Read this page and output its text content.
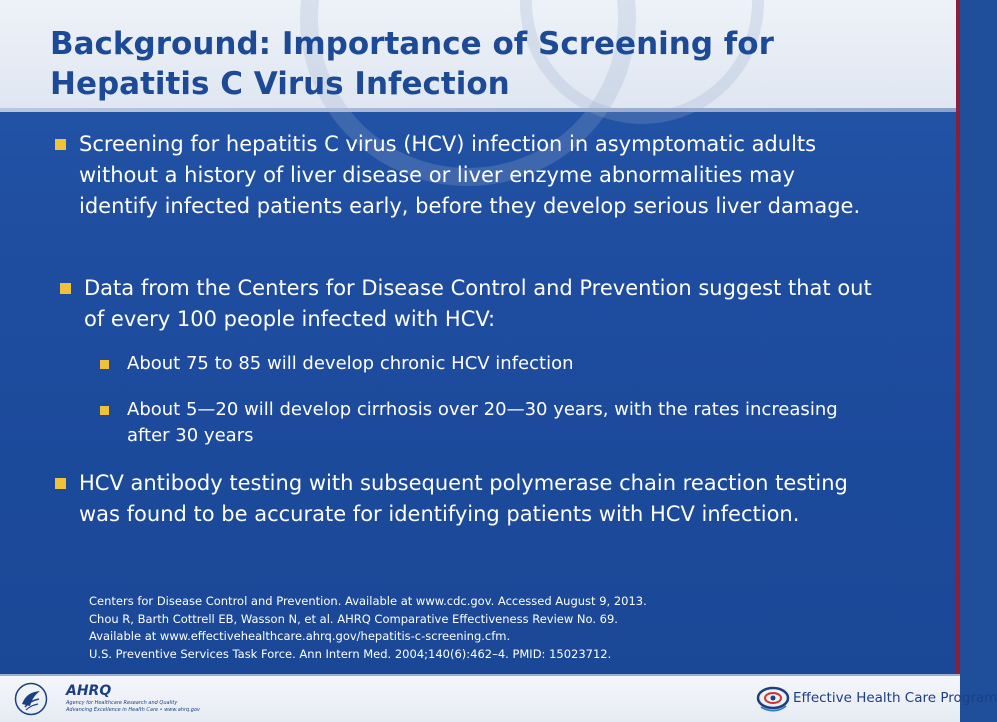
Background: Importance of Screening for Hepatitis C Virus Infection
Screening for hepatitis C virus (HCV) infection in asymptomatic adults without a history of liver disease or liver enzyme abnormalities may identify infected patients early, before they develop serious liver damage.
Data from the Centers for Disease Control and Prevention suggest that out of every 100 people infected with HCV:
About 75 to 85 will develop chronic HCV infection
About 5—20 will develop cirrhosis over 20—30 years, with the rates increasing after 30 years
HCV antibody testing with subsequent polymerase chain reaction testing was found to be accurate for identifying patients with HCV infection.
Centers for Disease Control and Prevention. Available at www.cdc.gov. Accessed August 9, 2013.
Chou R, Barth Cottrell EB, Wasson N, et al. AHRQ Comparative Effectiveness Review No. 69.
Available at www.effectivehealthcare.ahrq.gov/hepatitis-c-screening.cfm.
U.S. Preventive Services Task Force. Ann Intern Med. 2004;140(6):462–4. PMID: 15023712.
AHRQ
Agency for Healthcare Research and Quality
Advancing Excellence in Health Care • www.ahrq.gov
Effective Health Care Program
